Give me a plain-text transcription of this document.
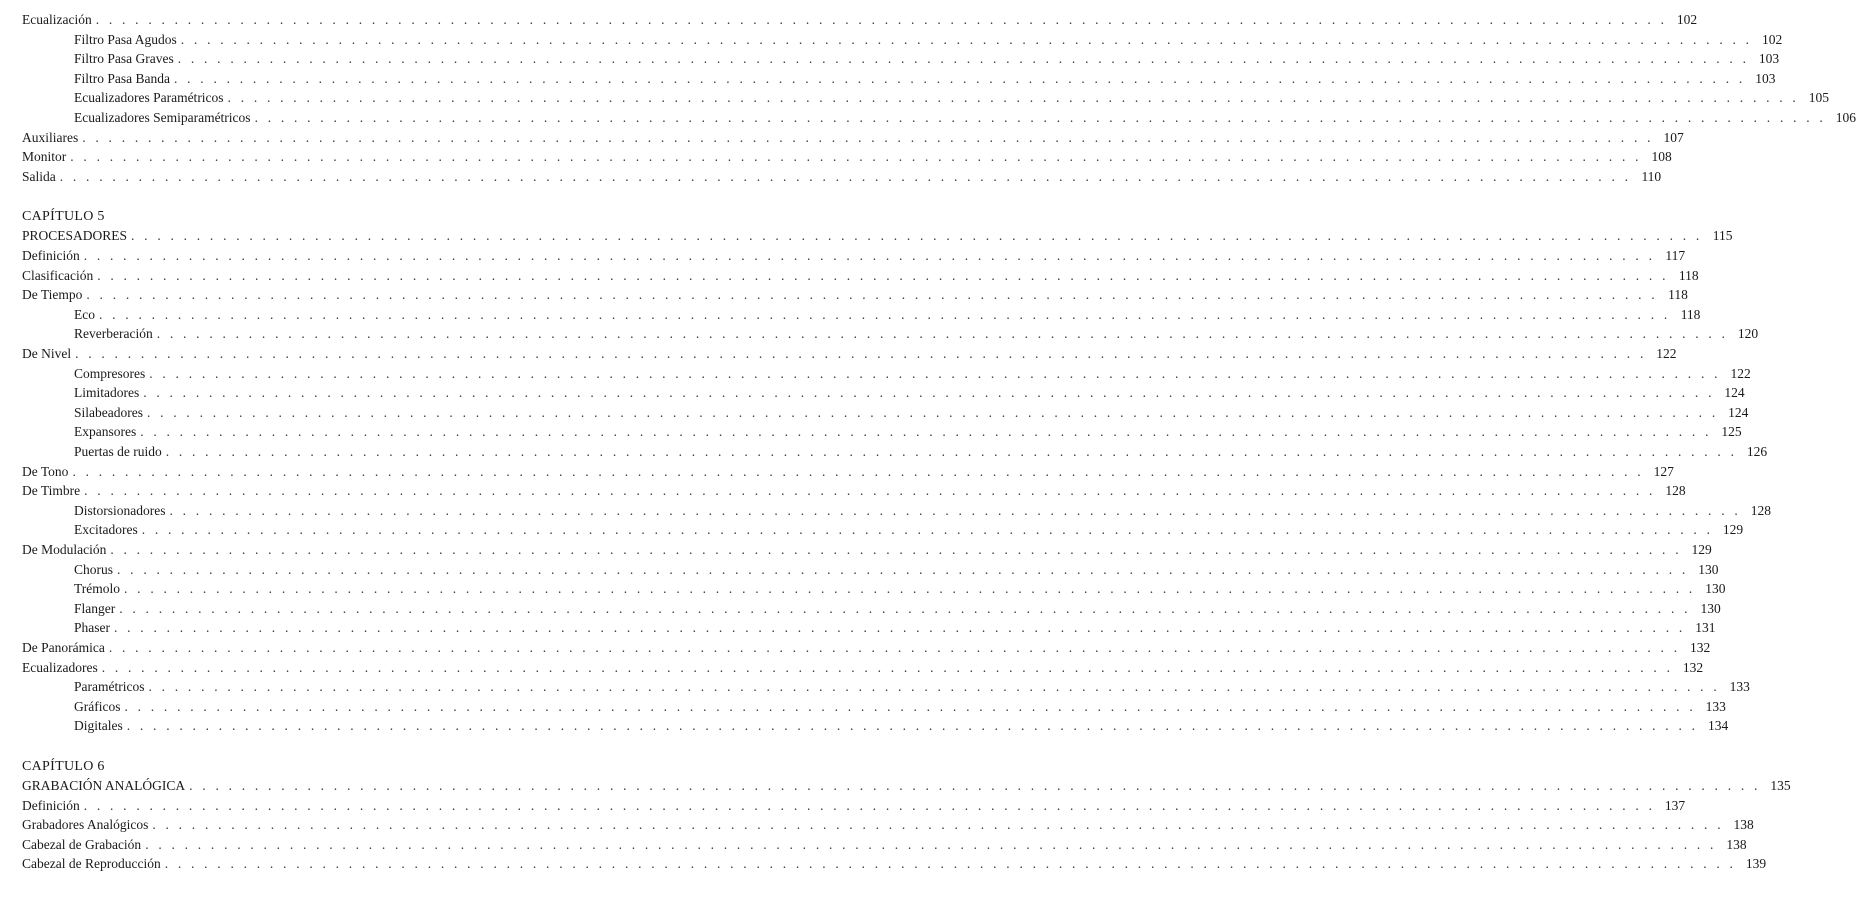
Ecualización . . . . . . . . . . . . . . . . . . . . . . . . . . . . . . . . . . . . . . . . . . . . . . . . . . . . . . . . . . . . . . . . . . . . . . . . . . . . . . . . . . . . . . . . . . . . . . . . . . . . . . . . . . . . . . . . . . . . . . . . 102
Filtro Pasa Agudos . . . . . . . . . . . . . . . . . . . . . . . . . . . . . . . . . . . . . . . . . . . . . . . . . . . . . . . . . . . . . . . . . . . . . . . . . . . . . . . . . . . . . . . . . . . . . . . . . . . . . . . . . . . . . . . . . . . . . . . . 102
Filtro Pasa Graves . . . . . . . . . . . . . . . . . . . . . . . . . . . . . . . . . . . . . . . . . . . . . . . . . . . . . . . . . . . . . . . . . . . . . . . . . . . . . . . . . . . . . . . . . . . . . . . . . . . . . . . . . . . . . . . . . . . . . . . . 103
Filtro Pasa Banda . . . . . . . . . . . . . . . . . . . . . . . . . . . . . . . . . . . . . . . . . . . . . . . . . . . . . . . . . . . . . . . . . . . . . . . . . . . . . . . . . . . . . . . . . . . . . . . . . . . . . . . . . . . . . . . . . . . . . . . . 103
Ecualizadores Paramétricos . . . . . . . . . . . . . . . . . . . . . . . . . . . . . . . . . . . . . . . . . . . . . . . . . . . . . . . . . . . . . . . . . . . . . . . . . . . . . . . . . . . . . . . . . . . . . . . . . . . . . . . . . . . . . . . . . . . . . . . . 105
Ecualizadores Semiparamétricos . . . . . . . . . . . . . . . . . . . . . . . . . . . . . . . . . . . . . . . . . . . . . . . . . . . . . . . . . . . . . . . . . . . . . . . . . . . . . . . . . . . . . . . . . . . . . . . . . . . . . . . . . . . . . . . . . . . . . . . . 106
Auxiliares . . . . . . . . . . . . . . . . . . . . . . . . . . . . . . . . . . . . . . . . . . . . . . . . . . . . . . . . . . . . . . . . . . . . . . . . . . . . . . . . . . . . . . . . . . . . . . . . . . . . . . . . . . . . . . . . . . . . . . . . 107
Monitor . . . . . . . . . . . . . . . . . . . . . . . . . . . . . . . . . . . . . . . . . . . . . . . . . . . . . . . . . . . . . . . . . . . . . . . . . . . . . . . . . . . . . . . . . . . . . . . . . . . . . . . . . . . . . . . . . . . . . . . . 108
Salida . . . . . . . . . . . . . . . . . . . . . . . . . . . . . . . . . . . . . . . . . . . . . . . . . . . . . . . . . . . . . . . . . . . . . . . . . . . . . . . . . . . . . . . . . . . . . . . . . . . . . . . . . . . . . . . . . . . . . . . . 110
CAPÍTULO 5
PROCESADORES . . . . . . . . . . . . . . . . . . . . . . . . . . . . . . . . . . . . . . . . . . . . . . . . . . . . . . . . . . . . . . . . . . . . . . . . . . . . . . . . . . . . . . . . . . . . . . . . . . . . . . . . . . . . . . . . . . . . . . . . 115
Definición . . . . . . . . . . . . . . . . . . . . . . . . . . . . . . . . . . . . . . . . . . . . . . . . . . . . . . . . . . . . . . . . . . . . . . . . . . . . . . . . . . . . . . . . . . . . . . . . . . . . . . . . . . . . . . . . . . . . . . . . 117
Clasificación . . . . . . . . . . . . . . . . . . . . . . . . . . . . . . . . . . . . . . . . . . . . . . . . . . . . . . . . . . . . . . . . . . . . . . . . . . . . . . . . . . . . . . . . . . . . . . . . . . . . . . . . . . . . . . . . . . . . . . . . 118
De Tiempo . . . . . . . . . . . . . . . . . . . . . . . . . . . . . . . . . . . . . . . . . . . . . . . . . . . . . . . . . . . . . . . . . . . . . . . . . . . . . . . . . . . . . . . . . . . . . . . . . . . . . . . . . . . . . . . . . . . . . . . . 118
Eco . . . . . . . . . . . . . . . . . . . . . . . . . . . . . . . . . . . . . . . . . . . . . . . . . . . . . . . . . . . . . . . . . . . . . . . . . . . . . . . . . . . . . . . . . . . . . . . . . . . . . . . . . . . . . . . . . . . . . . . . 118
Reverberación . . . . . . . . . . . . . . . . . . . . . . . . . . . . . . . . . . . . . . . . . . . . . . . . . . . . . . . . . . . . . . . . . . . . . . . . . . . . . . . . . . . . . . . . . . . . . . . . . . . . . . . . . . . . . . . . . . . . . . . . 120
De Nivel . . . . . . . . . . . . . . . . . . . . . . . . . . . . . . . . . . . . . . . . . . . . . . . . . . . . . . . . . . . . . . . . . . . . . . . . . . . . . . . . . . . . . . . . . . . . . . . . . . . . . . . . . . . . . . . . . . . . . . . . 122
Compresores . . . . . . . . . . . . . . . . . . . . . . . . . . . . . . . . . . . . . . . . . . . . . . . . . . . . . . . . . . . . . . . . . . . . . . . . . . . . . . . . . . . . . . . . . . . . . . . . . . . . . . . . . . . . . . . . . . . . . . . . 122
Limitadores . . . . . . . . . . . . . . . . . . . . . . . . . . . . . . . . . . . . . . . . . . . . . . . . . . . . . . . . . . . . . . . . . . . . . . . . . . . . . . . . . . . . . . . . . . . . . . . . . . . . . . . . . . . . . . . . . . . . . . . . 124
Silabeadores . . . . . . . . . . . . . . . . . . . . . . . . . . . . . . . . . . . . . . . . . . . . . . . . . . . . . . . . . . . . . . . . . . . . . . . . . . . . . . . . . . . . . . . . . . . . . . . . . . . . . . . . . . . . . . . . . . . . . . . . 124
Expansores . . . . . . . . . . . . . . . . . . . . . . . . . . . . . . . . . . . . . . . . . . . . . . . . . . . . . . . . . . . . . . . . . . . . . . . . . . . . . . . . . . . . . . . . . . . . . . . . . . . . . . . . . . . . . . . . . . . . . . . . 125
Puertas de ruido . . . . . . . . . . . . . . . . . . . . . . . . . . . . . . . . . . . . . . . . . . . . . . . . . . . . . . . . . . . . . . . . . . . . . . . . . . . . . . . . . . . . . . . . . . . . . . . . . . . . . . . . . . . . . . . . . . . . . . . . 126
De Tono . . . . . . . . . . . . . . . . . . . . . . . . . . . . . . . . . . . . . . . . . . . . . . . . . . . . . . . . . . . . . . . . . . . . . . . . . . . . . . . . . . . . . . . . . . . . . . . . . . . . . . . . . . . . . . . . . . . . . . . . 127
De Timbre . . . . . . . . . . . . . . . . . . . . . . . . . . . . . . . . . . . . . . . . . . . . . . . . . . . . . . . . . . . . . . . . . . . . . . . . . . . . . . . . . . . . . . . . . . . . . . . . . . . . . . . . . . . . . . . . . . . . . . . . 128
Distorsionadores . . . . . . . . . . . . . . . . . . . . . . . . . . . . . . . . . . . . . . . . . . . . . . . . . . . . . . . . . . . . . . . . . . . . . . . . . . . . . . . . . . . . . . . . . . . . . . . . . . . . . . . . . . . . . . . . . . . . . . . . 128
Excitadores . . . . . . . . . . . . . . . . . . . . . . . . . . . . . . . . . . . . . . . . . . . . . . . . . . . . . . . . . . . . . . . . . . . . . . . . . . . . . . . . . . . . . . . . . . . . . . . . . . . . . . . . . . . . . . . . . . . . . . . . 129
De Modulación . . . . . . . . . . . . . . . . . . . . . . . . . . . . . . . . . . . . . . . . . . . . . . . . . . . . . . . . . . . . . . . . . . . . . . . . . . . . . . . . . . . . . . . . . . . . . . . . . . . . . . . . . . . . . . . . . . . . . . . . 129
Chorus . . . . . . . . . . . . . . . . . . . . . . . . . . . . . . . . . . . . . . . . . . . . . . . . . . . . . . . . . . . . . . . . . . . . . . . . . . . . . . . . . . . . . . . . . . . . . . . . . . . . . . . . . . . . . . . . . . . . . . . . 130
Trémolo . . . . . . . . . . . . . . . . . . . . . . . . . . . . . . . . . . . . . . . . . . . . . . . . . . . . . . . . . . . . . . . . . . . . . . . . . . . . . . . . . . . . . . . . . . . . . . . . . . . . . . . . . . . . . . . . . . . . . . . . 130
Flanger . . . . . . . . . . . . . . . . . . . . . . . . . . . . . . . . . . . . . . . . . . . . . . . . . . . . . . . . . . . . . . . . . . . . . . . . . . . . . . . . . . . . . . . . . . . . . . . . . . . . . . . . . . . . . . . . . . . . . . . . 130
Phaser . . . . . . . . . . . . . . . . . . . . . . . . . . . . . . . . . . . . . . . . . . . . . . . . . . . . . . . . . . . . . . . . . . . . . . . . . . . . . . . . . . . . . . . . . . . . . . . . . . . . . . . . . . . . . . . . . . . . . . . . 131
De Panorámica . . . . . . . . . . . . . . . . . . . . . . . . . . . . . . . . . . . . . . . . . . . . . . . . . . . . . . . . . . . . . . . . . . . . . . . . . . . . . . . . . . . . . . . . . . . . . . . . . . . . . . . . . . . . . . . . . . . . . . . . 132
Ecualizadores . . . . . . . . . . . . . . . . . . . . . . . . . . . . . . . . . . . . . . . . . . . . . . . . . . . . . . . . . . . . . . . . . . . . . . . . . . . . . . . . . . . . . . . . . . . . . . . . . . . . . . . . . . . . . . . . . . . . . . . . 132
Paramétricos . . . . . . . . . . . . . . . . . . . . . . . . . . . . . . . . . . . . . . . . . . . . . . . . . . . . . . . . . . . . . . . . . . . . . . . . . . . . . . . . . . . . . . . . . . . . . . . . . . . . . . . . . . . . . . . . . . . . . . . . 133
Gráficos . . . . . . . . . . . . . . . . . . . . . . . . . . . . . . . . . . . . . . . . . . . . . . . . . . . . . . . . . . . . . . . . . . . . . . . . . . . . . . . . . . . . . . . . . . . . . . . . . . . . . . . . . . . . . . . . . . . . . . . . 133
Digitales . . . . . . . . . . . . . . . . . . . . . . . . . . . . . . . . . . . . . . . . . . . . . . . . . . . . . . . . . . . . . . . . . . . . . . . . . . . . . . . . . . . . . . . . . . . . . . . . . . . . . . . . . . . . . . . . . . . . . . . . 134
CAPÍTULO 6
GRABACIÓN ANALÓGICA . . . . . . . . . . . . . . . . . . . . . . . . . . . . . . . . . . . . . . . . . . . . . . . . . . . . . . . . . . . . . . . . . . . . . . . . . . . . . . . . . . . . . . . . . . . . . . . . . . . . . . . . . . . . . . . . . . . . . . . . 135
Definición . . . . . . . . . . . . . . . . . . . . . . . . . . . . . . . . . . . . . . . . . . . . . . . . . . . . . . . . . . . . . . . . . . . . . . . . . . . . . . . . . . . . . . . . . . . . . . . . . . . . . . . . . . . . . . . . . . . . . . . . 137
Grabadores Analógicos . . . . . . . . . . . . . . . . . . . . . . . . . . . . . . . . . . . . . . . . . . . . . . . . . . . . . . . . . . . . . . . . . . . . . . . . . . . . . . . . . . . . . . . . . . . . . . . . . . . . . . . . . . . . . . . . . . . . . . . . 138
Cabezal de Grabación . . . . . . . . . . . . . . . . . . . . . . . . . . . . . . . . . . . . . . . . . . . . . . . . . . . . . . . . . . . . . . . . . . . . . . . . . . . . . . . . . . . . . . . . . . . . . . . . . . . . . . . . . . . . . . . . . . . . . . . . 138
Cabezal de Reproducción . . . . . . . . . . . . . . . . . . . . . . . . . . . . . . . . . . . . . . . . . . . . . . . . . . . . . . . . . . . . . . . . . . . . . . . . . . . . . . . . . . . . . . . . . . . . . . . . . . . . . . . . . . . . . . . . . . . . . . . . 139
